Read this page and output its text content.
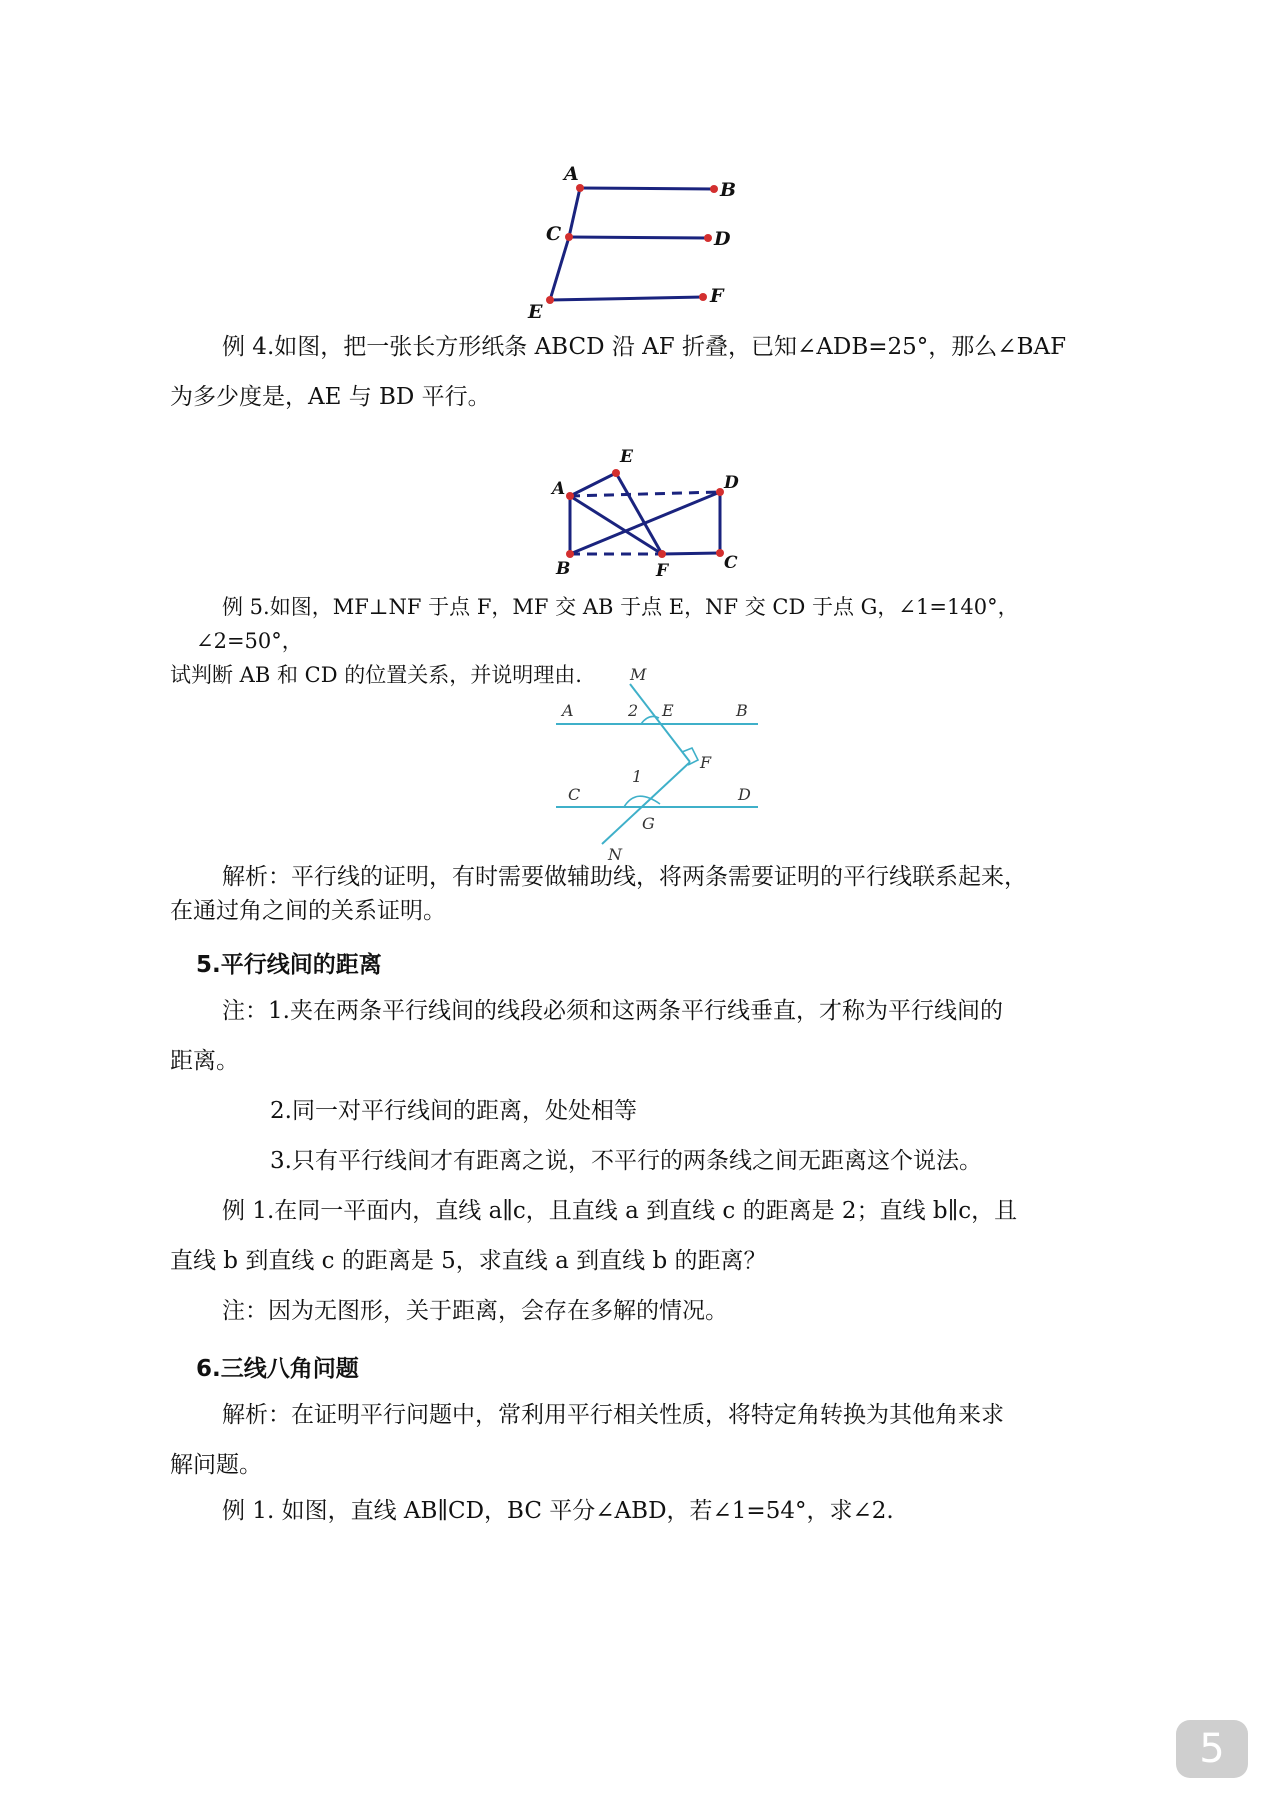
A
B
C	D
E
F

例 4.如图，把一张长方形纸条 ABCD 沿 AF 折叠，已知∠ADB=25°，那么∠BAF
为多少度是，AE 与 BD 平行。

A
B	C
D
E
F

例 5.如图，MF⊥NF 于点 F，MF 交 AB 于点 E，NF 交 CD 于点 G，∠1=140°，∠2=50°，
试判断 AB 和 CD 的位置关系，并说明理由.	M
A	2 E	B
F
1
C	D
G
N

解析：平行线的证明，有时需要做辅助线，将两条需要证明的平行线联系起来，
在通过角之间的关系证明。

5.平行线间的距离

注：1.夹在两条平行线间的线段必须和这两条平行线垂直，才称为平行线间的
距离。

2.同一对平行线间的距离，处处相等

3.只有平行线间才有距离之说，不平行的两条线之间无距离这个说法。

例 1.在同一平面内，直线 a∥c，且直线 a 到直线 c 的距离是 2；直线 b∥c，且
直线 b 到直线 c 的距离是 5，求直线 a 到直线 b 的距离？

注：因为无图形，关于距离，会存在多解的情况。

6.三线八角问题

解析：在证明平行问题中，常利用平行相关性质，将特定角转换为其他角来求
解问题。

例 1. 如图，直线 AB∥CD，BC 平分∠ABD，若∠1=54°，求∠2.

5
